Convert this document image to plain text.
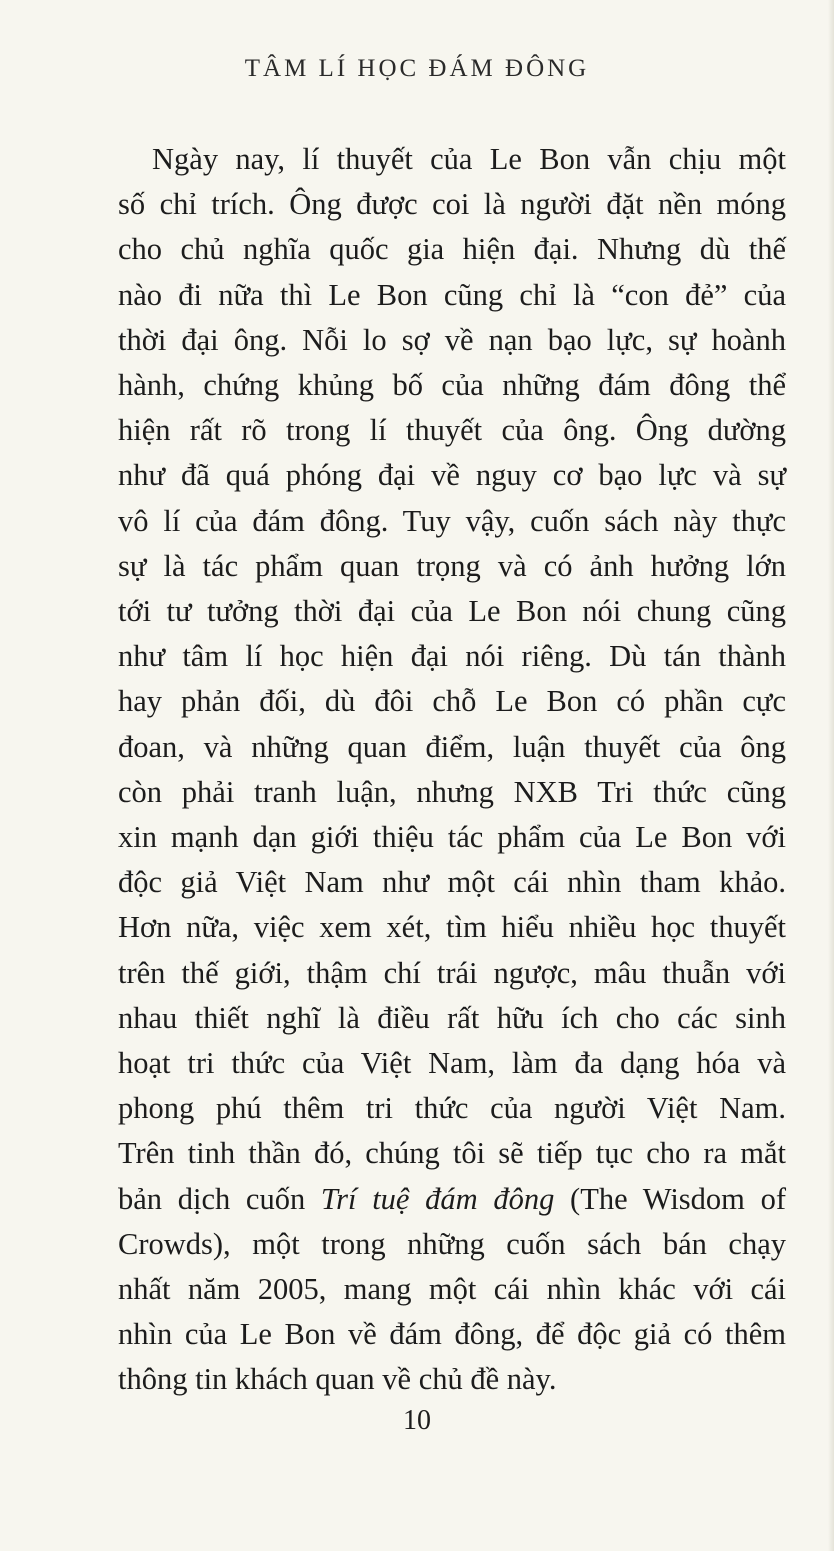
TÂM LÍ HỌC ĐÁM ĐÔNG
Ngày nay, lí thuyết của Le Bon vẫn chịu một
số chỉ trích. Ông được coi là người đặt nền móng
cho chủ nghĩa quốc gia hiện đại. Nhưng dù thế
nào đi nữa thì Le Bon cũng chỉ là “con đẻ” của
thời đại ông. Nỗi lo sợ về nạn bạo lực, sự hoành
hành, chứng khủng bố của những đám đông thể
hiện rất rõ trong lí thuyết của ông. Ông dường
như đã quá phóng đại về nguy cơ bạo lực và sự
vô lí của đám đông. Tuy vậy, cuốn sách này thực
sự là tác phẩm quan trọng và có ảnh hưởng lớn
tới tư tưởng thời đại của Le Bon nói chung cũng
như tâm lí học hiện đại nói riêng. Dù tán thành
hay phản đối, dù đôi chỗ Le Bon có phần cực
đoan, và những quan điểm, luận thuyết của ông
còn phải tranh luận, nhưng NXB Tri thức cũng
xin mạnh dạn giới thiệu tác phẩm của Le Bon với
độc giả Việt Nam như một cái nhìn tham khảo.
Hơn nữa, việc xem xét, tìm hiểu nhiều học thuyết
trên thế giới, thậm chí trái ngược, mâu thuẫn với
nhau thiết nghĩ là điều rất hữu ích cho các sinh
hoạt tri thức của Việt Nam, làm đa dạng hóa và
phong phú thêm tri thức của người Việt Nam.
Trên tinh thần đó, chúng tôi sẽ tiếp tục cho ra mắt
bản dịch cuốn Trí tuệ đám đông (The Wisdom of
Crowds), một trong những cuốn sách bán chạy
nhất năm 2005, mang một cái nhìn khác với cái
nhìn của Le Bon về đám đông, để độc giả có thêm
thông tin khách quan về chủ đề này.
10
